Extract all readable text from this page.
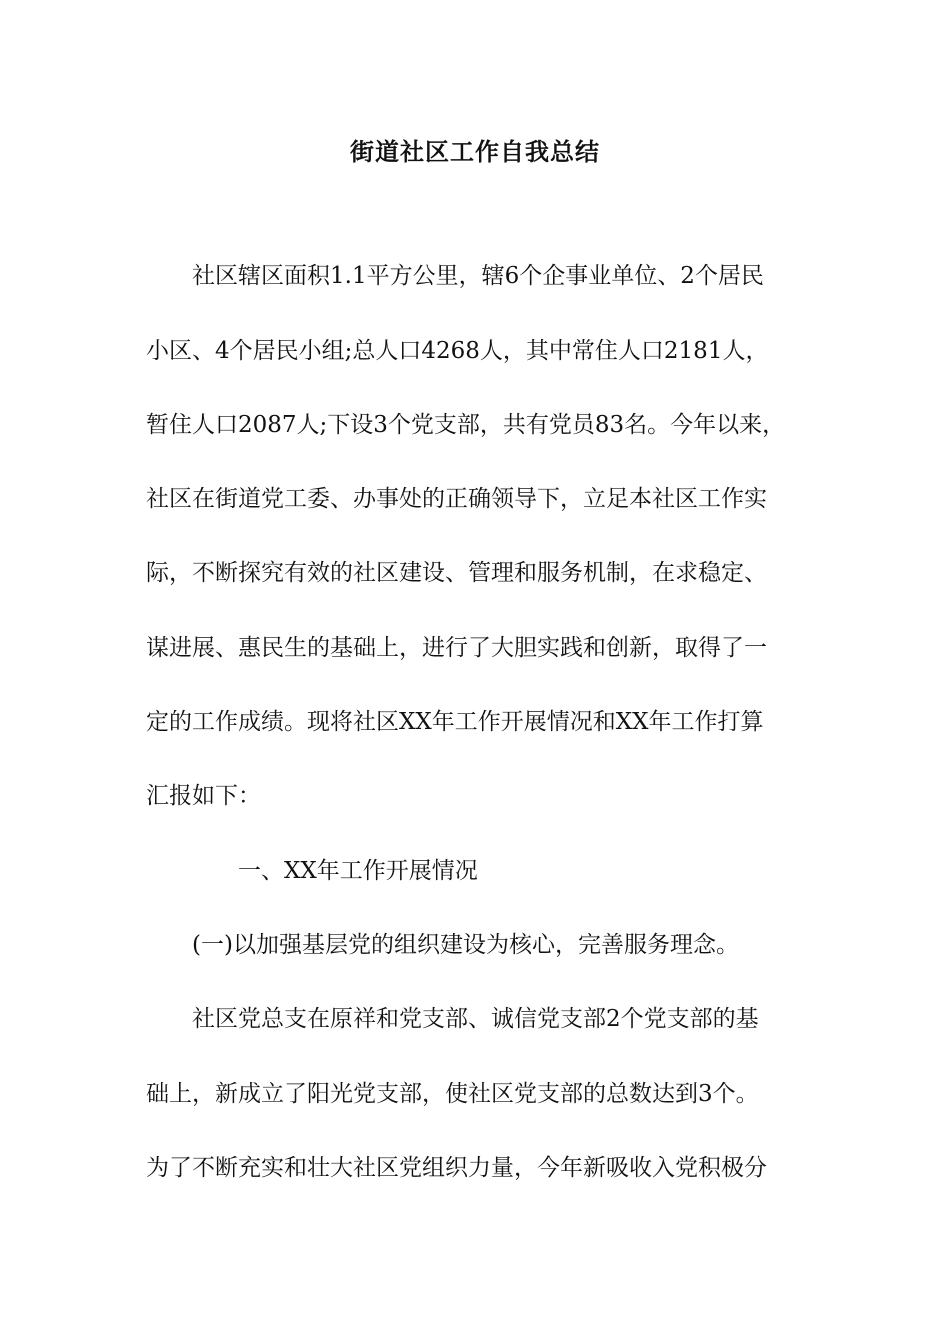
街道社区工作自我总结

　　社区辖区面积1.1平方公里，辖6个企事业单位、2个居民

小区、4个居民小组;总人口4268人，其中常住人口2181人，

暂住人口2087人;下设3个党支部，共有党员83名。今年以来，

社区在街道党工委、办事处的正确领导下，立足本社区工作实

际，不断探究有效的社区建设、管理和服务机制，在求稳定、

谋进展、惠民生的基础上，进行了大胆实践和创新，取得了一

定的工作成绩。现将社区XX年工作开展情况和XX年工作打算

汇报如下：

　　　　一、XX年工作开展情况

　　(一)以加强基层党的组织建设为核心，完善服务理念。

　　社区党总支在原祥和党支部、诚信党支部2个党支部的基

础上，新成立了阳光党支部，使社区党支部的总数达到3个。

为了不断充实和壮大社区党组织力量，今年新吸收入党积极分
